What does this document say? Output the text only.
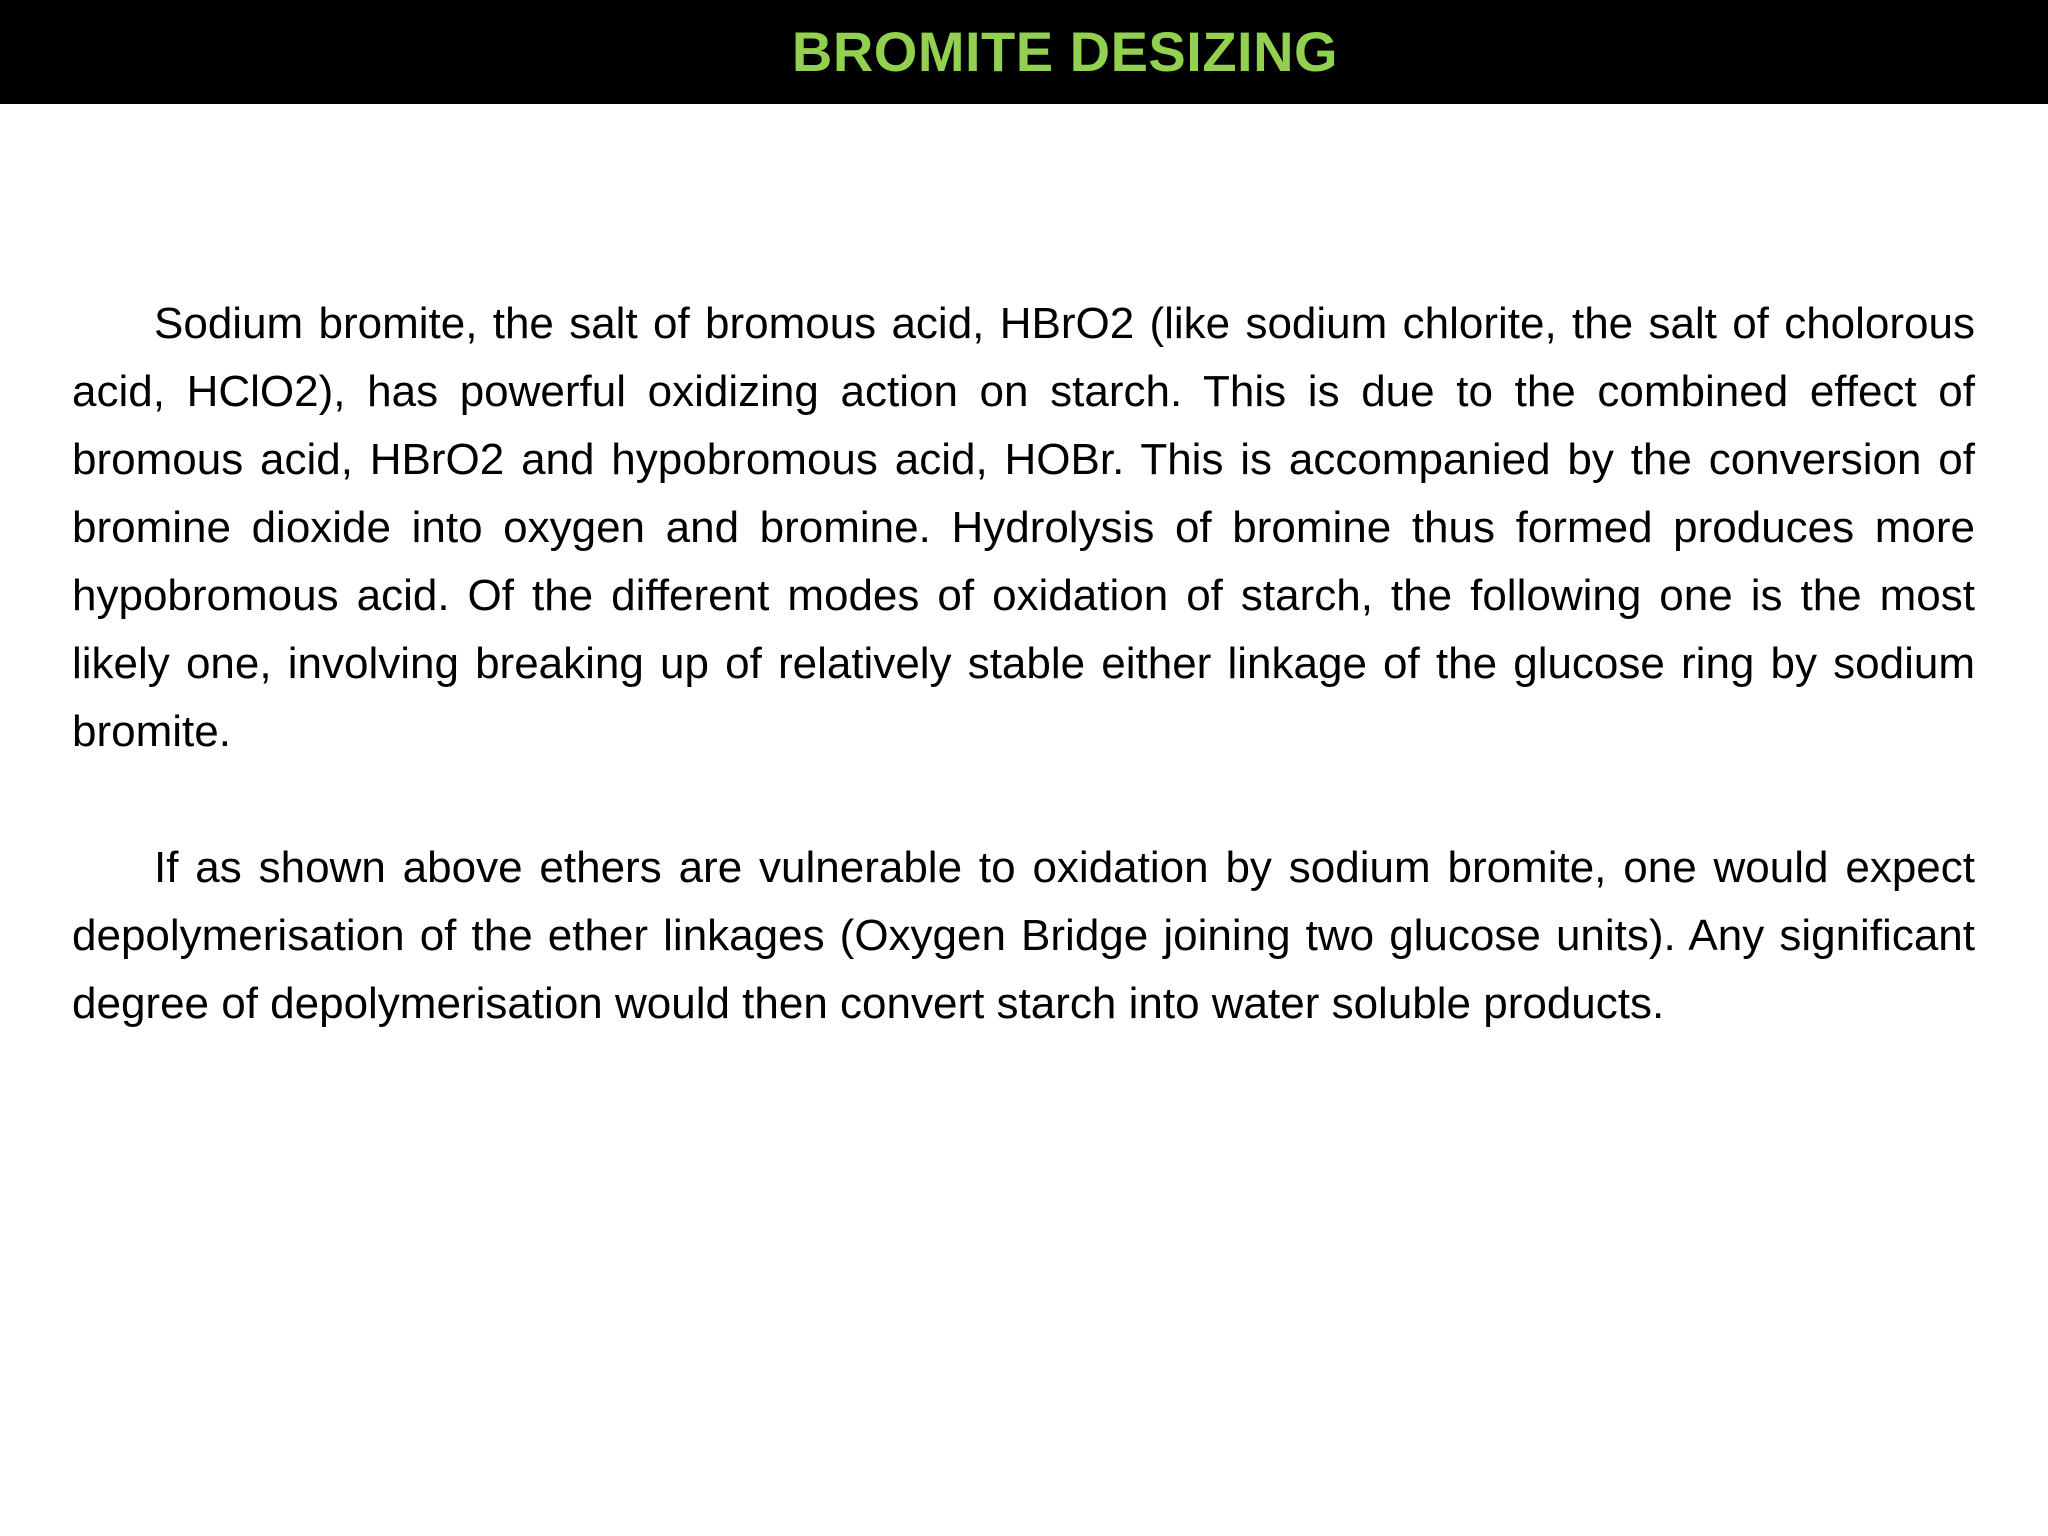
BROMITE DESIZING

Sodium bromite, the salt of bromous acid, HBrO2 (like sodium chlorite, the salt of cholorous acid, HClO2), has powerful oxidizing action on starch. This is due to the combined effect of bromous acid, HBrO2 and hypobromous acid, HOBr. This is accompanied by the conversion of bromine dioxide into oxygen and bromine. Hydrolysis of bromine thus formed produces more hypobromous acid. Of the different modes of oxidation of starch, the following one is the most likely one, involving breaking up of relatively stable either linkage of the glucose ring by sodium bromite.

If as shown above ethers are vulnerable to oxidation by sodium bromite, one would expect depolymerisation of the ether linkages (Oxygen Bridge joining two glucose units). Any significant degree of depolymerisation would then convert starch into water soluble products.
